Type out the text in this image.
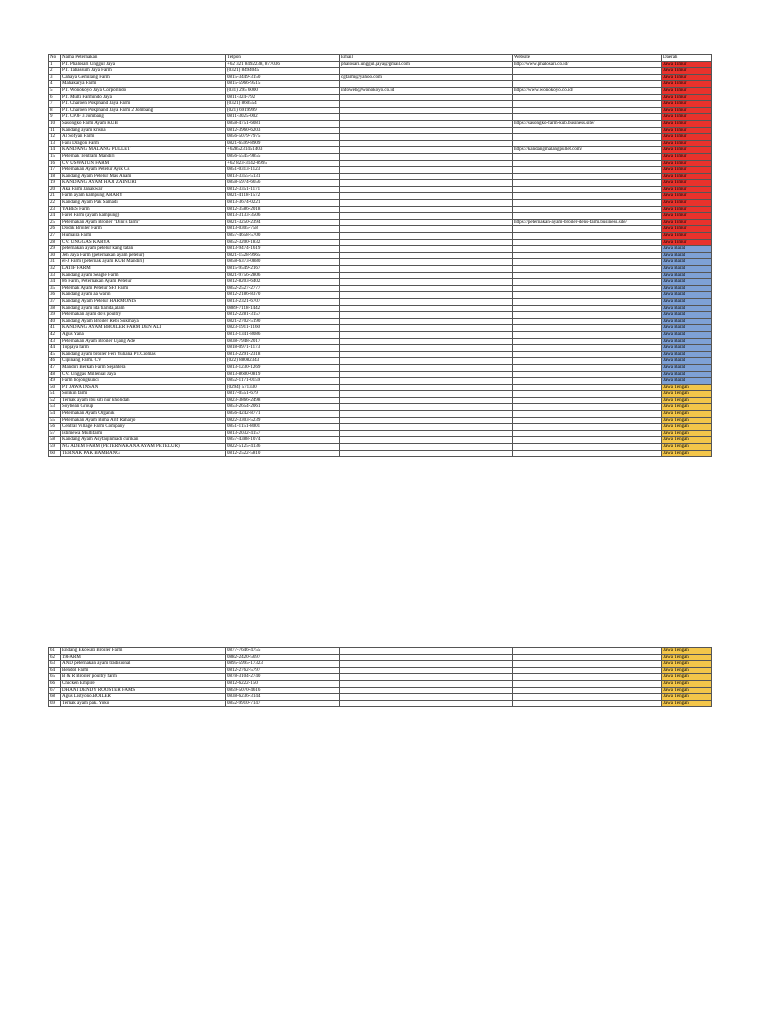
No	Nama Peternakan	Telpon	Email	Website	Daerah
1	PT. Phalosari Unggul Jaya	+62 321 8492238, 877036	phalosari.unggul.jaya@gmail.com	http://www.phalosari.co.id/	Jawa Timur
2	PT. Tabassum Jaya Farm	(0321) 8494045			Jawa Timur
3	Cahaya Gemilang Farm	0815-3449-3150	cgfarm@yahoo.com		Jawa Timur
4	Mahakarya Farm	0815-5966-9515			Jawa Timur
5	PT. Wonokoyo Jaya Corporindo	(031) 295 6000	infoweb@wonokoyo.co.id	https://www.wonokoyo.co.id/	Jawa Timur
6	PT. Multi Farmindo Jaya	0811-324-792			Jawa Timur
7	PT. Charoen Pokphand Jaya Farm	(0321) 860554			Jawa Timur
8	PT. Charoen Pokphand Jaya Farm 2 Jombang	(021) 6919999			Jawa Timur
9	PT. CPJF 3 Jombang	0811-3025-002			Jawa Timur
10	Sasongko Farm Ayam KUB	0858-4751-6081		https://sasongko-farm-kub.business.site/	Jawa Timur
11	Kandang ayam krisna	0812-3960-6203			Jawa Timur
12	Al Sofyan Farm	0856-5079-7975			Jawa Timur
13	Fani Dragon Farm	0821-6599-8909			Jawa Timur
14	KANDANG MALANG PULLET	+6285231451403		https://kandangmalangpullet.com/	Jawa Timur
15	Peternak Tentram Mandiri	0856-5545-9855			Jawa Timur
16	CV USWATUN FARM	+62 823-3142-8995			Jawa Timur
17	Peternakan Ayam Petelur Ayik Cs	0851-0313-1123			Jawa Timur
18	Kandang Ayam Petelur Mas Anam	0813-3355-5131			Jawa Timur
19	KANDANG AYAM HAJI ZAINURI	0858-5974-6656			Jawa Timur
20	Aka Farm Janakwar	0812-3351-1171			Jawa Timur
21	Farm ayam kampung ARARY	0821-4118-1572			Jawa Timur
22	Kandang Ayam Pak Samadi	0813-3674-0221			Jawa Timur
23	YABES Farm	0812-3586-2018			Jawa Timur
24	Farel Farm (ayam kampung)	0813-3133-3506			Jawa Timur
25	Peternakan Ayam Broiler "Dini's farm"	0821-3250-2394		https://peternakan-ayam-broiler-dens-farm.business.site/	Jawa Timur
26	Dodik Broiler Farm	0813-0305-758			Jawa Timur
27	Humaira Farm	0857-4658-5700			Jawa Timur
28	CV. UNGGAS KARYA	0852-3200-1832			Jawa Timur
29	peternakan ayam petelur kang tatan	0813-9474-1619			Jawa Barat
30	Jeh Jaya Farm (peternakan ayam petelur)	0821-1528-9965			Jawa Barat
31	el-J Farm (peternak ayam KUB Mandiri)	0858-6373-0880			Jawa Barat
32	LATIF FARM	0815-9549-2167			Jawa Barat
33	Kandang ayam Seagle Farm	0821-9756-2806			Jawa Barat
34	86 Farm, Peternakan Ayam Petelur	0812-8203-6402			Jawa Barat
35	Peternak Ayam Petelur SFJ Farm	0852-2527-2777			Jawa Barat
36	Kandang ayam aa warin	0812-2186-8370			Jawa Barat
37	Kandang Ayam Petelur HARMONIS	0813-2321-6707			Jawa Barat
38	Kandang ayam ida tiarida,alam	0889-7118-1442			Jawa Barat
39	Peternakan ayam do's poultry	0812-2281-3157			Jawa Barat
40	Kandang Ayam Broiler Rebi Sukmaya	0821-2702-5190			Jawa Barat
41	KANDANG AYAM BROILER FARM DEN ALI	0823-1911-1160			Jawa Barat
42	Agus Yana	0813-1341-8086			Jawa Barat
43	Peternakan Ayam Broiler Ujang Ade	0838-7948-2017			Jawa Barat
44	Topjaya farm	0818-0971-1173			Jawa Barat
45	Kandang ayam broiler Feri Yuliana PT.Ciomas	0813-2291-2318			Jawa Barat
46	Cipinang Farm. CV	(022) 88082343			Jawa Barat
47	Mandiri Berkah Farm Sejahtera	0813-1230-1269			Jawa Barat
48	CV. Unggas Millenial Jaya	0813-8600-0819			Jawa Barat
49	Farm bojongkunci	0852-1171-0159			Jawa Barat
50	PT JAWA INSAN	(0294) 571330			Jawa Tengah
51	Solikin farm	0817-0551-679			Jawa Tengah
52	Ternak ayam ibu siti nur kholidah	0823-3866-2498			Jawa Tengah
53	Soybean Group	0853-2654-2061			Jawa Tengah
54	Peternakan Ayam Organik	0856-4242-8771			Jawa Tengah
55	Peternakan Ayam Bima Arif Raharjo	0822-3303-5239			Jawa Tengah
56	Central Village Farm Company	0851-1151-8001			Jawa Tengah
57	Istimewa Multifarm	0813-2032-4157			Jawa Tengah
58	Kandang Ayam Asyfaqinmadi curikan	0857-4388-1074			Jawa Tengah
59	NG ADEM FARM (PETERNAKANA AYAM PETELUR)	0822-5125-4136			Jawa Tengah
60	TERNAK PAK BAMBANG	0812-2522-5810			Jawa Tengah
61	Endang Ekowati Broiler Farm	0877-7646-4755			Jawa Tengah
62	19FARM	0882-2420-5697			Jawa Tengah
63	AND peternakan ayam tradisional	0895-5995-17323			Jawa Tengah
64	Bendol Farm	0812-2762-5797			Jawa Tengah
65	B & R Broiler poultry farm	0878-3104-2740			Jawa Tengah
66	Chicken Empire	0812-6222-150			Jawa Tengah
67	DHANI DENDY ROOSTER FAMS	0859-5070-4616			Jawa Tengah
68	Agus Listyono.BOILER	0838-6236-3144			Jawa Tengah
69	Ternak ayam pak. Yoko	0852-9910-7147			Jawa Tengah
